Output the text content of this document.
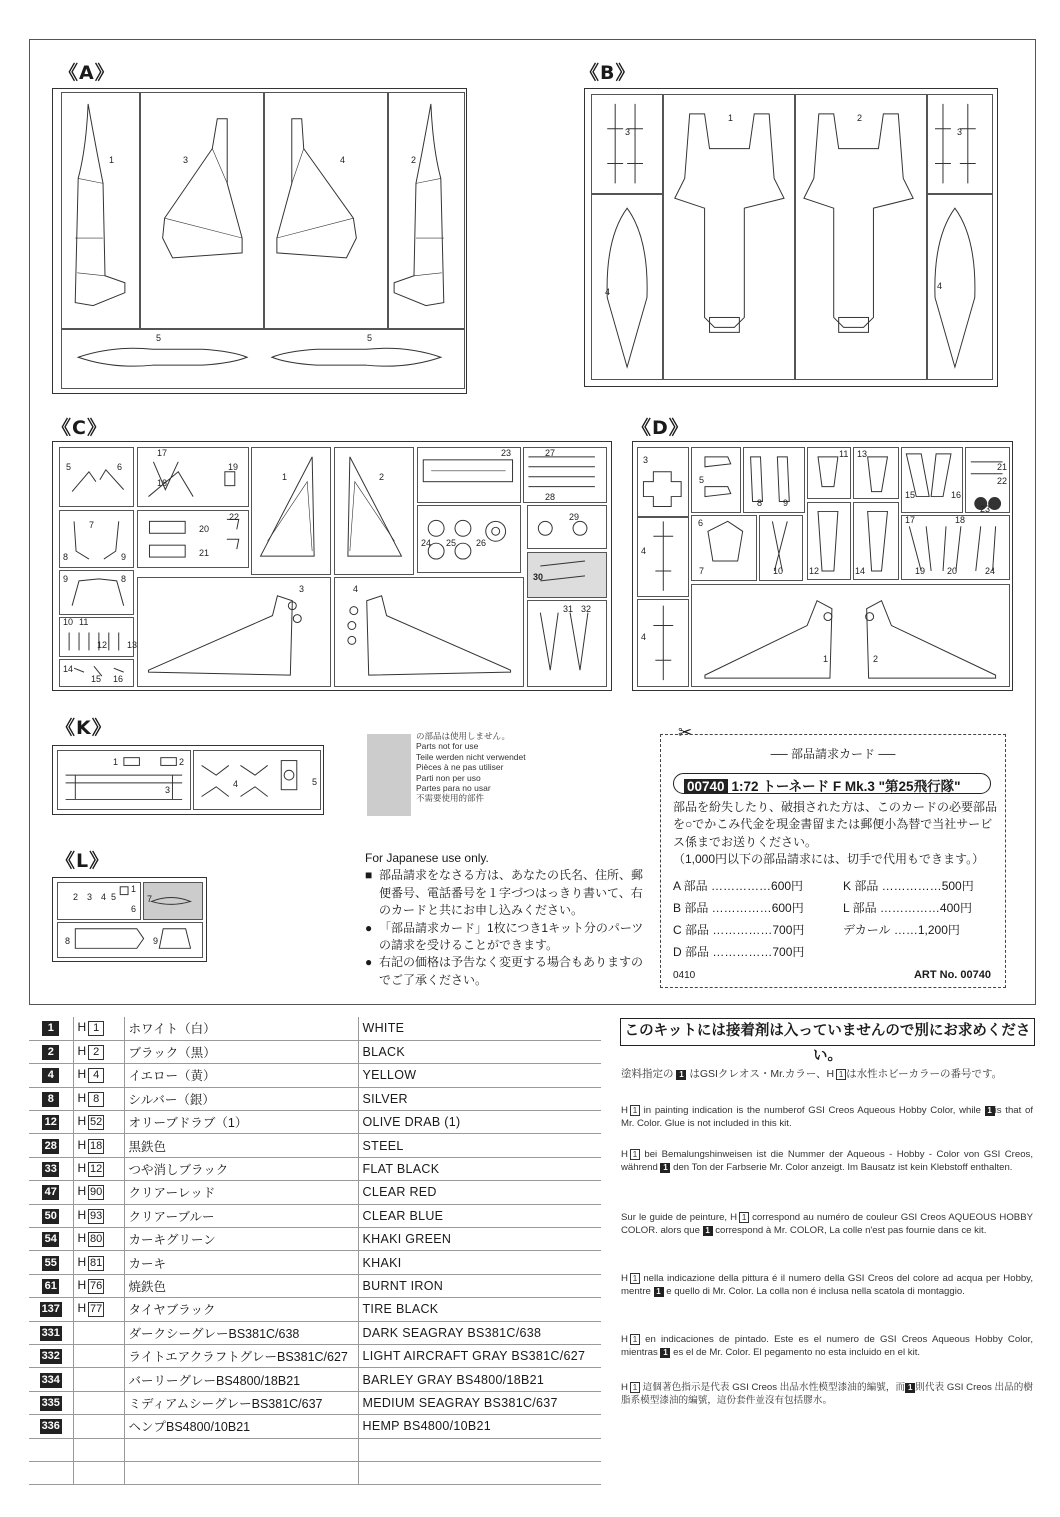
《A》
1	3	4	2
5	5
《B》
3
1	2
3
4
4
《C》
5	6
17
18
19
1	2
23	27
28
7
8	9
20
21
22
24 25 26
29
30
9	8
3	4
10 11
12 13
14
15 16
31 32
《D》
3
5
8 9
11 13
21
22
15	16
23
6	17	18
4
7	10	12	14	19 20	24
4
1	2
《K》
1	2
3
4	5
《L》
2 3 4 5
6
1
7
8	9
の部品は使用しません。
Parts not for use
Teile werden nicht verwendet
Pièces à ne pas utiliser
Parti non per uso
Partes para no usar
不需要使用的部件
For Japanese use only.
■ 部品請求をなさる方は、あなたの氏名、住所、郵便番号、電話番号を１字づつはっきり書いて、右のカードと共にお申し込みください。
● 「部品請求カード」1枚につき1キット分のパーツの請求を受けることができます。
● 右記の価格は予告なく変更する場合もありますのでご了承ください。
✂
── 部品請求カード ──
00740 1:72 トーネード F Mk.3 "第25飛行隊"
部品を紛失したり、破損された方は、このカードの必要部品を○でかこみ代金を現金書留または郵便小為替で当社サービス係までお送りください。
（1,000円以下の部品請求には、切手で代用もできます。）
A 部品 ……………600円
B 部品 ……………600円
C 部品 ……………700円
D 部品 ……………700円
K 部品 ……………500円
L 部品 ……………400円
デカール ……1,200円
0410	ART No. 00740
1	H 1	ホワイト（白）	WHITE
2	H 2	ブラック（黒）	BLACK
4	H 4	イエロー（黄）	YELLOW
8	H 8	シルバー（銀）	SILVER
12	H 52	オリーブドラブ（1）	OLIVE DRAB (1)
28	H 18	黒鉄色	STEEL
33	H 12	つや消しブラック	FLAT BLACK
47	H 90	クリアーレッド	CLEAR RED
50	H 93	クリアーブルー	CLEAR BLUE
54	H 80	カーキグリーン	KHAKI GREEN
55	H 81	カーキ	KHAKI
61	H 76	焼鉄色	BURNT IRON
137	H 77	タイヤブラック	TIRE BLACK
331		ダークシーグレーBS381C/638	DARK SEAGRAY BS381C/638
332		ライトエアクラフトグレーBS381C/627	LIGHT AIRCRAFT GRAY BS381C/627
334		バーリーグレーBS4800/18B21	BARLEY GRAY BS4800/18B21
335		ミディアムシーグレーBS381C/637	MEDIUM SEAGRAY BS381C/637
336		ヘンプBS4800/10B21	HEMP BS4800/10B21

このキットには接着剤は入っていませんので別にお求めください。
塗料指定の 1 はGSIクレオス・Mr.カラー、H 1 は水性ホビーカラーの番号です。
H 1 in painting indication is the numberof GSI Creos Aqueous Hobby Color, while 1 is that of Mr. Color. Glue is not included in this kit.
H 1 bei Bemalungshinweisen ist die Nummer der Aqueous - Hobby - Color von GSI Creos, während 1 den Ton der Farbserie Mr. Color anzeigt. Im Bausatz ist kein Klebstoff enthalten.
Sur le guide de peinture, H 1 correspond au numéro de couleur GSI Creos AQUEOUS HOBBY COLOR. alors que 1 correspond à Mr. COLOR, La colle n'est pas fournie dans ce kit.
H 1 nella indicazione della pittura é il numero della GSI Creos del colore ad acqua per Hobby, mentre 1 e quello di Mr. Color. La colla non é inclusa nella scatola di montaggio.
H 1 en indicaciones de pintado. Este es el numero de GSI Creos Aqueous Hobby Color, mientras 1 es el de Mr. Color. El pegamento no esta incluido en el kit.
H 1 這個著色指示是代表 GSI Creos 出品水性模型漆油的編號，而 1 則代表 GSI Creos 出品的樹脂系模型漆油的編號，這份套件並沒有包括膠水。
